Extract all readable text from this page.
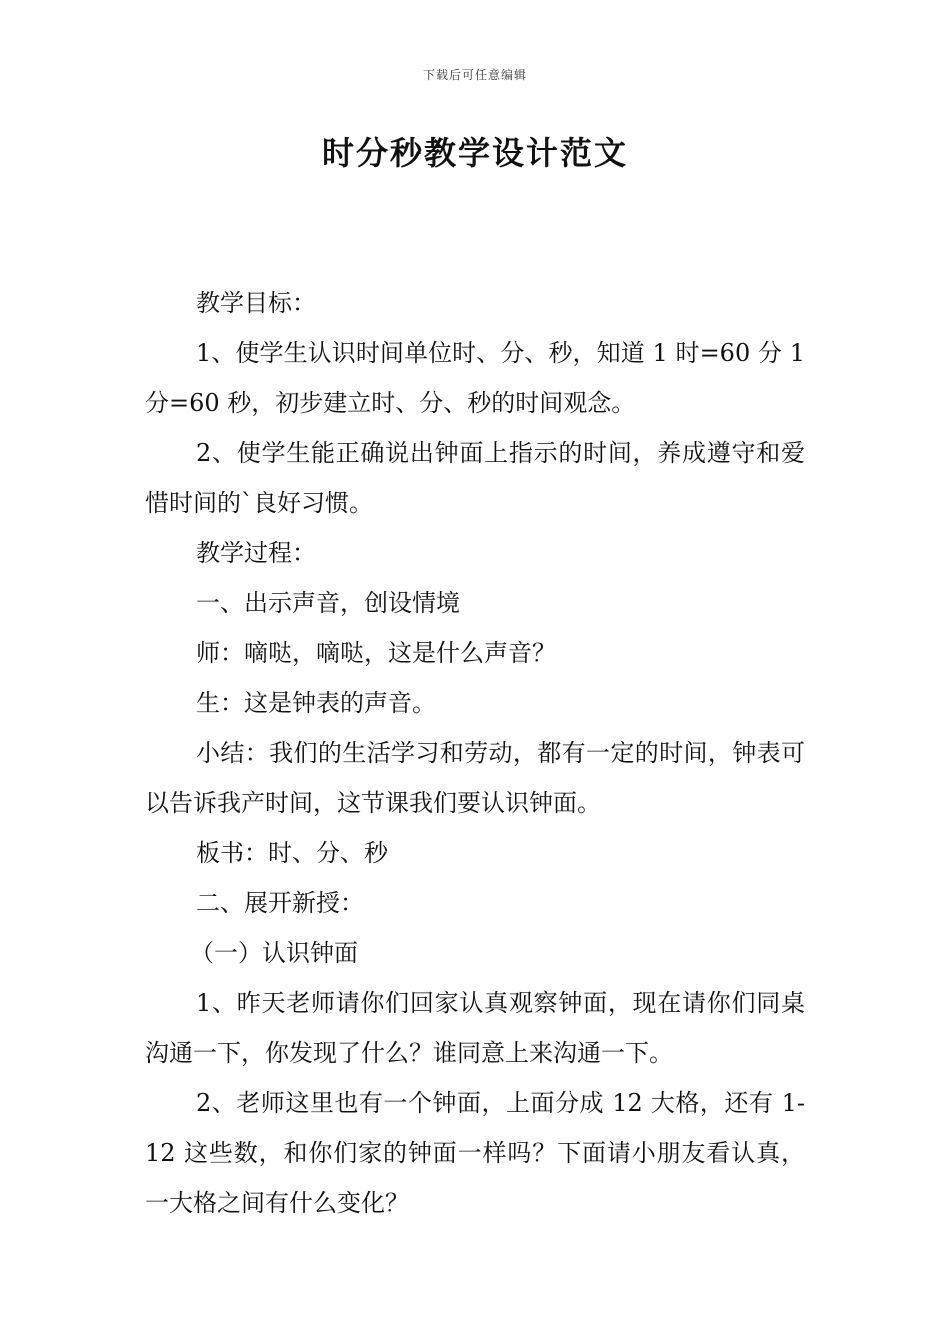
下载后可任意编辑
时分秒教学设计范文

教学目标：

1、使学生认识时间单位时、分、秒，知道 1 时=60 分 1 分=60 秒，初步建立时、分、秒的时间观念。

2、使学生能正确说出钟面上指示的时间，养成遵守和爱惜时间的`良好习惯。

教学过程：

一、出示声音，创设情境

师：嘀哒，嘀哒，这是什么声音？

生：这是钟表的声音。

小结：我们的生活学习和劳动，都有一定的时间，钟表可以告诉我产时间，这节课我们要认识钟面。

板书：时、分、秒

二、展开新授：

（一）认识钟面

1、昨天老师请你们回家认真观察钟面，现在请你们同桌沟通一下，你发现了什么？谁同意上来沟通一下。

2、老师这里也有一个钟面，上面分成 12 大格，还有 1-12 这些数，和你们家的钟面一样吗？下面请小朋友看认真，一大格之间有什么变化？
